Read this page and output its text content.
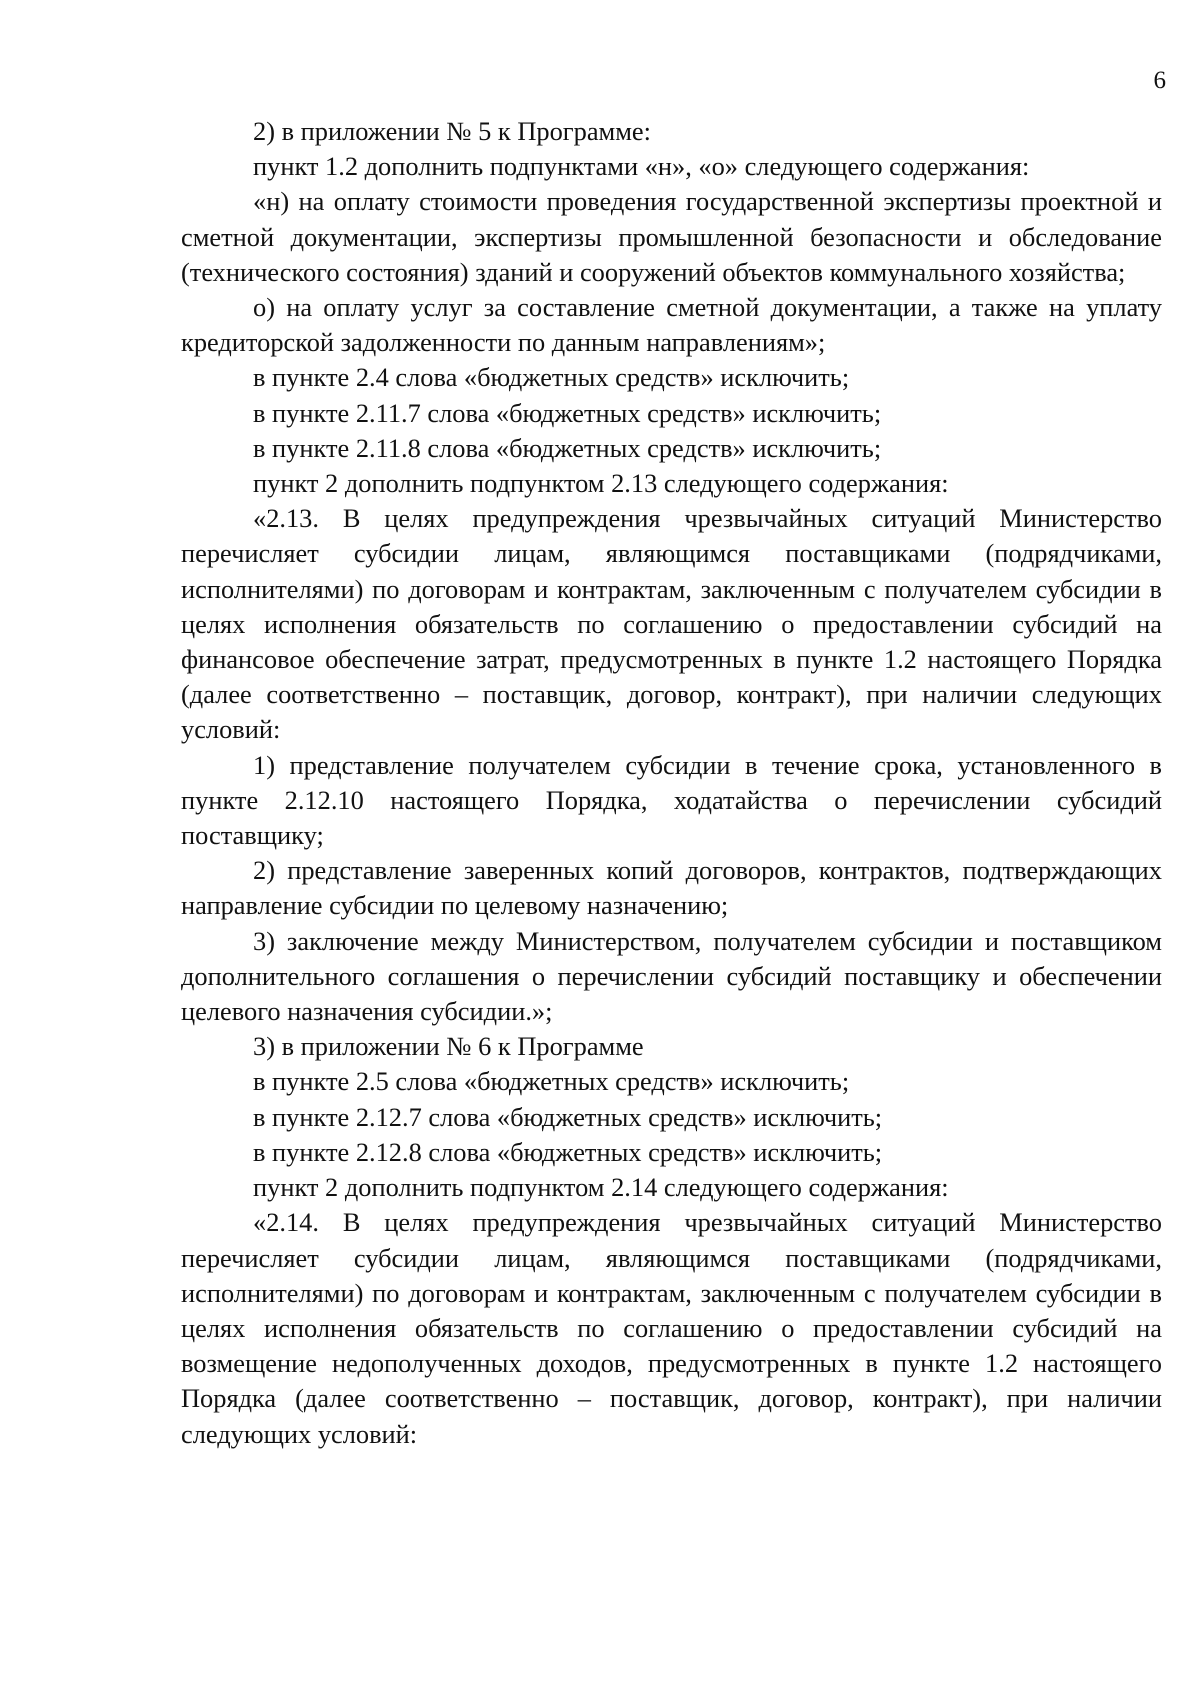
6

2) в приложении № 5 к Программе:

пункт 1.2 дополнить подпунктами «н», «о» следующего содержания:

«н) на оплату стоимости проведения государственной экспертизы проектной и сметной документации, экспертизы промышленной безопасности и обследование (технического состояния) зданий и сооружений объектов коммунального хозяйства;

о) на оплату услуг за составление сметной документации, а также на уплату кредиторской задолженности по данным направлениям»;

в пункте 2.4 слова «бюджетных средств» исключить;

в пункте 2.11.7 слова «бюджетных средств» исключить;

в пункте 2.11.8 слова «бюджетных средств» исключить;

пункт 2 дополнить подпунктом 2.13 следующего содержания:

«2.13. В целях предупреждения чрезвычайных ситуаций Министерство перечисляет субсидии лицам, являющимся поставщиками (подрядчиками, исполнителями) по договорам и контрактам, заключенным с получателем субсидии в целях исполнения обязательств по соглашению о предоставлении субсидий на финансовое обеспечение затрат, предусмотренных в пункте 1.2 настоящего Порядка (далее соответственно – поставщик, договор, контракт), при наличии следующих условий:

1) представление получателем субсидии в течение срока, установленного в пункте 2.12.10 настоящего Порядка, ходатайства о перечислении субсидий поставщику;

2) представление заверенных копий договоров, контрактов, подтверждающих направление субсидии по целевому назначению;

3) заключение между Министерством, получателем субсидии и поставщиком дополнительного соглашения о перечислении субсидий поставщику и обеспечении целевого назначения субсидии.»;

3) в приложении № 6 к Программе

в пункте 2.5 слова «бюджетных средств» исключить;

в пункте 2.12.7 слова «бюджетных средств» исключить;

в пункте 2.12.8 слова «бюджетных средств» исключить;

пункт 2 дополнить подпунктом 2.14 следующего содержания:

«2.14. В целях предупреждения чрезвычайных ситуаций Министерство перечисляет субсидии лицам, являющимся поставщиками (подрядчиками, исполнителями) по договорам и контрактам, заключенным с получателем субсидии в целях исполнения обязательств по соглашению о предоставлении субсидий на возмещение недополученных доходов, предусмотренных в пункте 1.2 настоящего Порядка (далее соответственно – поставщик, договор, контракт), при наличии следующих условий:
